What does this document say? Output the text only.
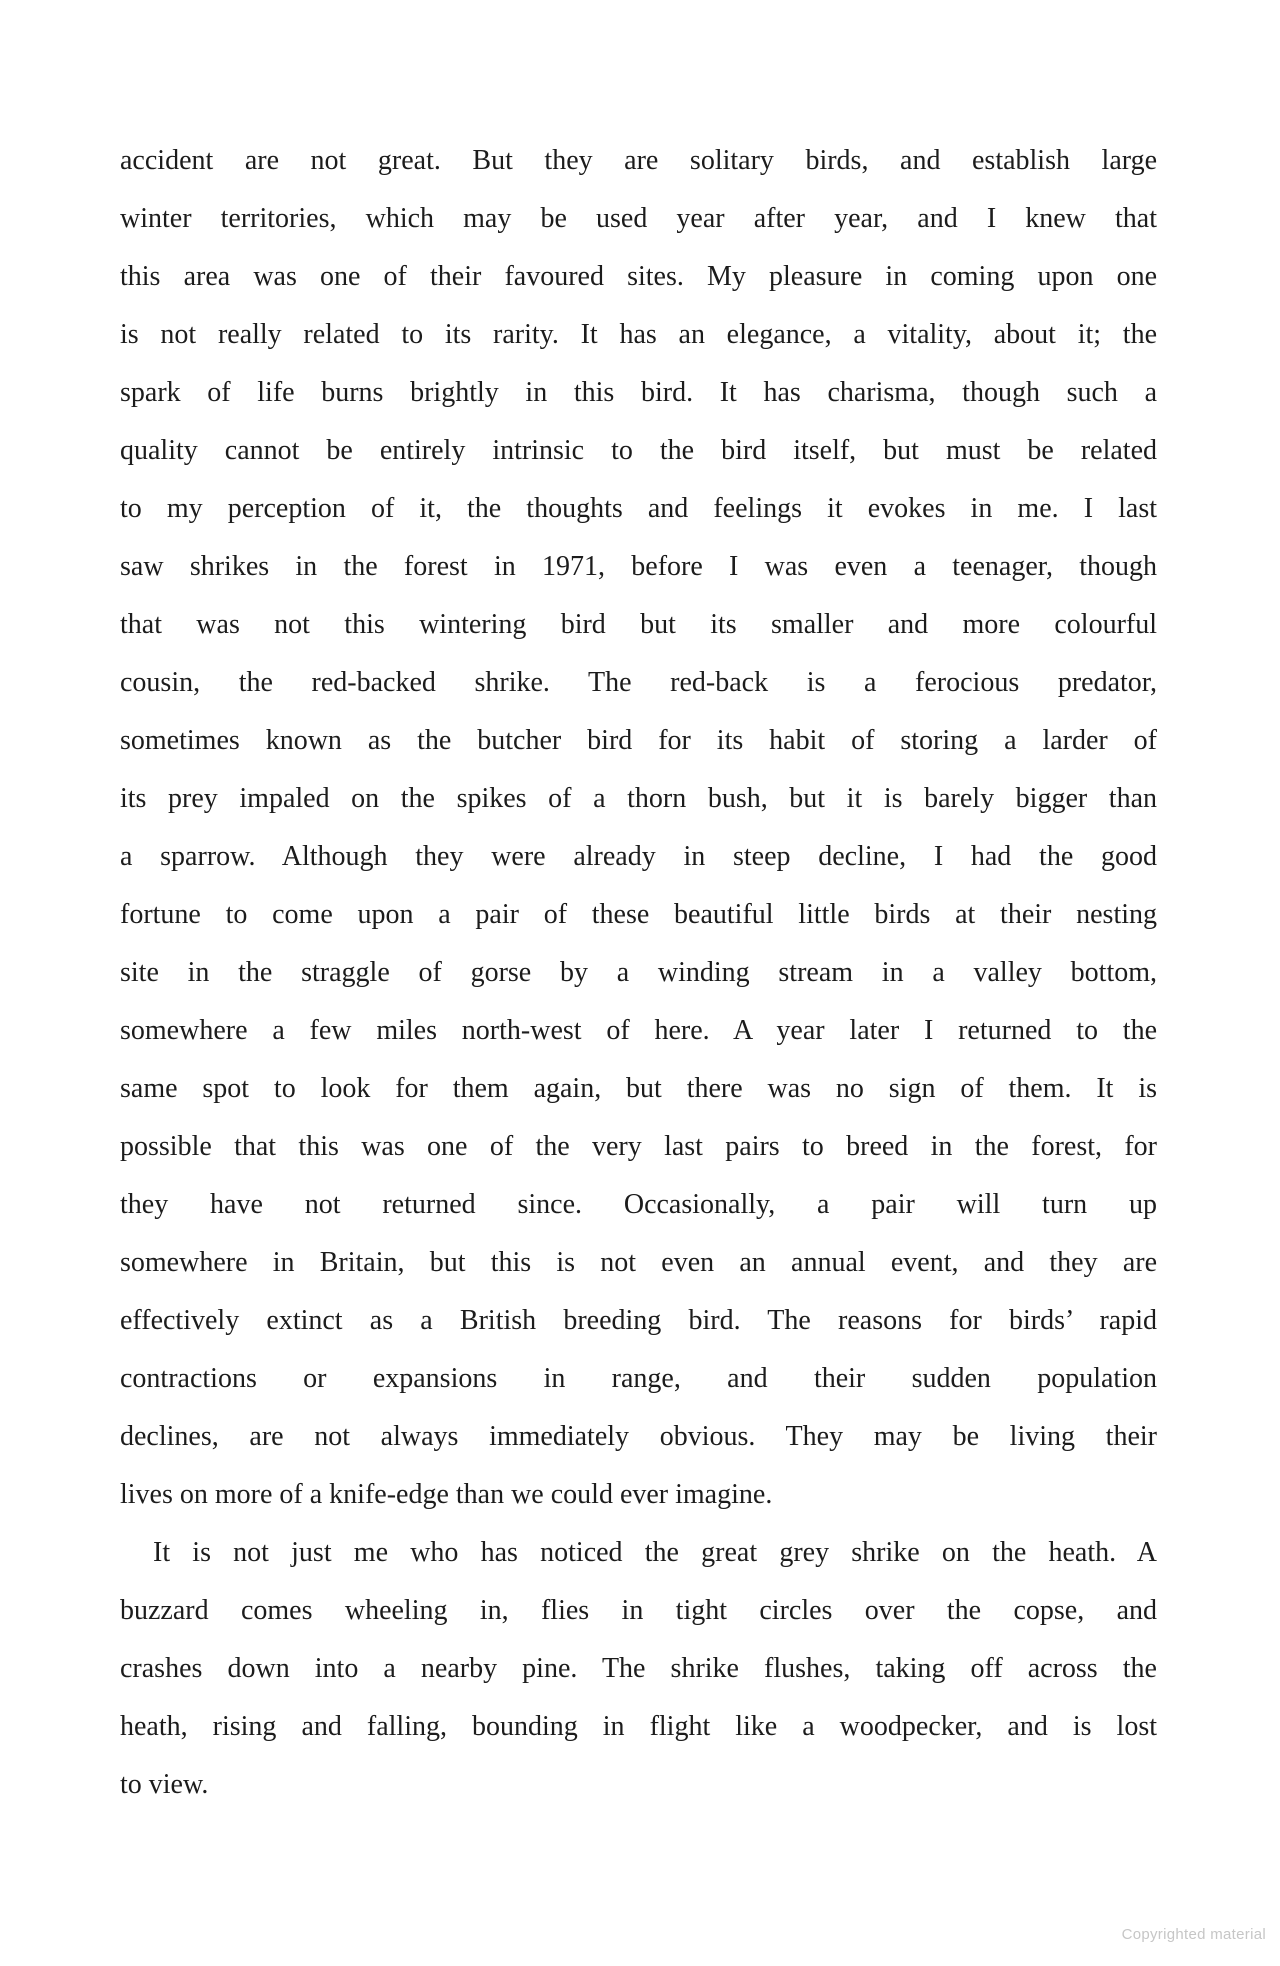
accident are not great. But they are solitary birds, and establish large
winter territories, which may be used year after year, and I knew that
this area was one of their favoured sites. My pleasure in coming upon one
is not really related to its rarity. It has an elegance, a vitality, about it; the
spark of life burns brightly in this bird. It has charisma, though such a
quality cannot be entirely intrinsic to the bird itself, but must be related
to my perception of it, the thoughts and feelings it evokes in me. I last
saw shrikes in the forest in 1971, before I was even a teenager, though
that was not this wintering bird but its smaller and more colourful
cousin, the red-backed shrike. The red-back is a ferocious predator,
sometimes known as the butcher bird for its habit of storing a larder of
its prey impaled on the spikes of a thorn bush, but it is barely bigger than
a sparrow. Although they were already in steep decline, I had the good
fortune to come upon a pair of these beautiful little birds at their nesting
site in the straggle of gorse by a winding stream in a valley bottom,
somewhere a few miles north-west of here. A year later I returned to the
same spot to look for them again, but there was no sign of them. It is
possible that this was one of the very last pairs to breed in the forest, for
they have not returned since. Occasionally, a pair will turn up
somewhere in Britain, but this is not even an annual event, and they are
effectively extinct as a British breeding bird. The reasons for birds’ rapid
contractions or expansions in range, and their sudden population
declines, are not always immediately obvious. They may be living their
lives on more of a knife-edge than we could ever imagine.
It is not just me who has noticed the great grey shrike on the heath. A
buzzard comes wheeling in, flies in tight circles over the copse, and
crashes down into a nearby pine. The shrike flushes, taking off across the
heath, rising and falling, bounding in flight like a woodpecker, and is lost
to view.
Copyrighted material
